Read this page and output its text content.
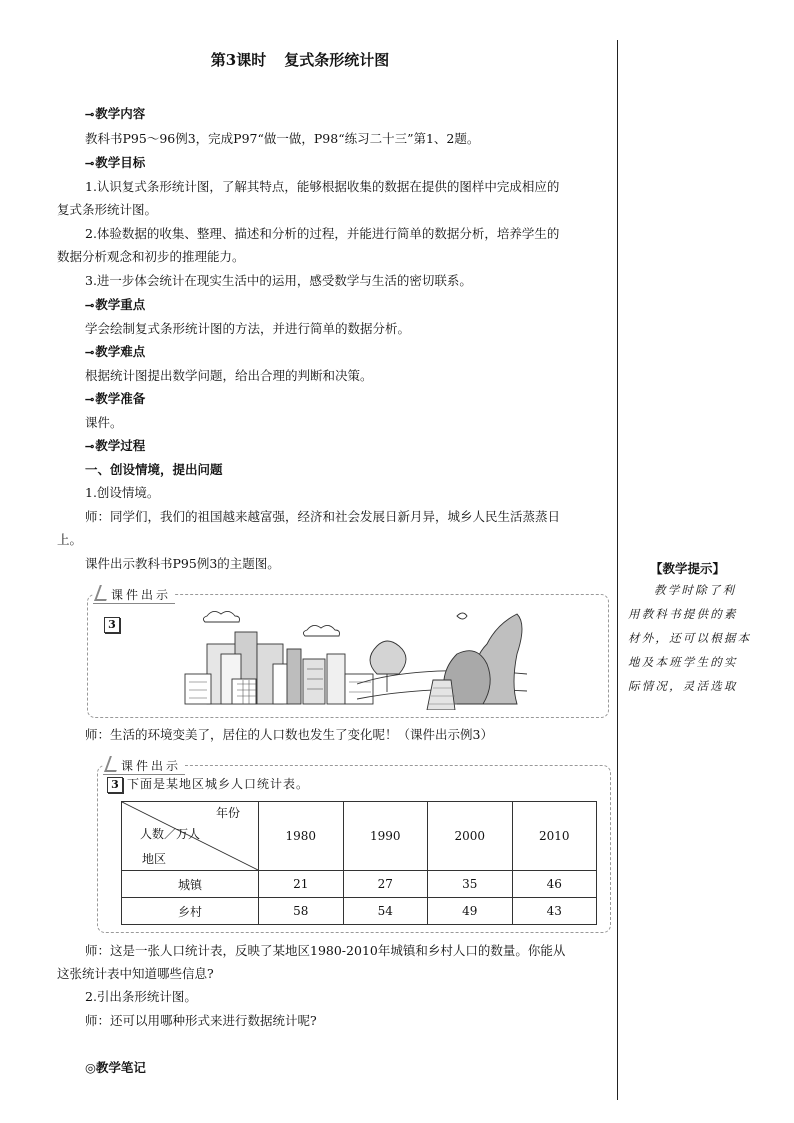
第3课时 复式条形统计图
⊸教学内容
教科书P95～96例3，完成P97“做一做，P98“练习二十三”第1、2题。
⊸教学目标
1.认识复式条形统计图，了解其特点，能够根据收集的数据在提供的图样中完成相应的
复式条形统计图。
2.体验数据的收集、整理、描述和分析的过程，并能进行简单的数据分析，培养学生的
数据分析观念和初步的推理能力。
3.进一步体会统计在现实生活中的运用，感受数学与生活的密切联系。
⊸教学重点
学会绘制复式条形统计图的方法，并进行简单的数据分析。
⊸教学难点
根据统计图提出数学问题，给出合理的判断和决策。
⊸教学准备
课件。
⊸教学过程
一、创设情境，提出问题
1.创设情境。
师：同学们，我们的祖国越来越富强，经济和社会发展日新月异，城乡人民生活蒸蒸日
上。
课件出示教科书P95例3的主题图。
课件出示
3
师：生活的环境变美了，居住的人口数也发生了变化呢！（课件出示例3）
课件出示
3 下面是某地区城乡人口统计表。
年份
人数／万人
地区	1980	1990	2000	2010
城镇	21	27	35	46
乡村	58	54	49	43
师：这是一张人口统计表，反映了某地区1980-2010年城镇和乡村人口的数量。你能从
这张统计表中知道哪些信息?
2.引出条形统计图。
师：还可以用哪种形式来进行数据统计呢?
◎教学笔记
【教学提示】
教学时除了利
用教科书提供的素
材外，还可以根据本
地及本班学生的实
际情况，灵活选取
